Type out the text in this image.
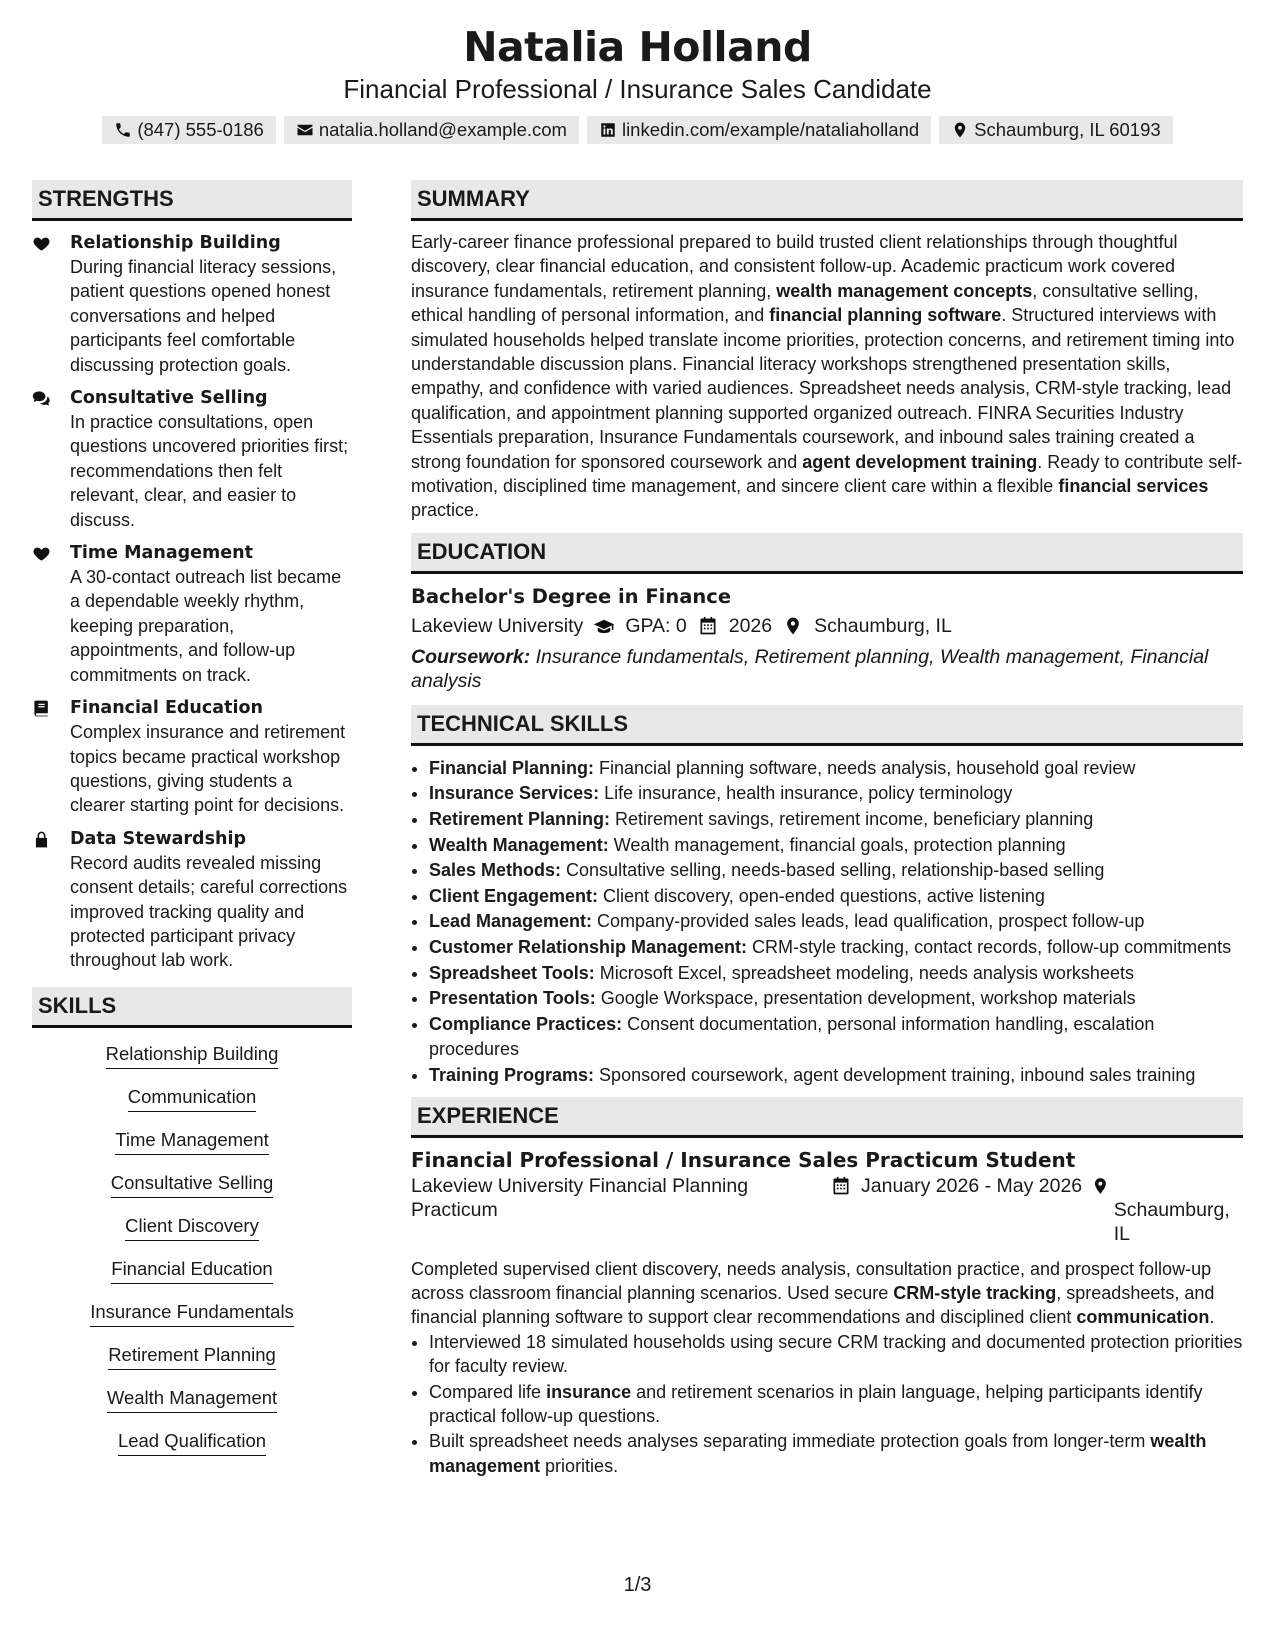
Natalia Holland
Financial Professional / Insurance Sales Candidate
(847) 555-0186	natalia.holland@example.com	linkedin.com/example/nataliaholland	Schaumburg, IL 60193
STRENGTHS
Relationship Building
During financial literacy sessions, patient questions opened honest conversations and helped participants feel comfortable discussing protection goals.
Consultative Selling
In practice consultations, open questions uncovered priorities first; recommendations then felt relevant, clear, and easier to discuss.
Time Management
A 30-contact outreach list became a dependable weekly rhythm, keeping preparation, appointments, and follow-up commitments on track.
Financial Education
Complex insurance and retirement topics became practical workshop questions, giving students a clearer starting point for decisions.
Data Stewardship
Record audits revealed missing consent details; careful corrections improved tracking quality and protected participant privacy throughout lab work.
SKILLS
Relationship Building
Communication
Time Management
Consultative Selling
Client Discovery
Financial Education
Insurance Fundamentals
Retirement Planning
Wealth Management
Lead Qualification
SUMMARY
Early-career finance professional prepared to build trusted client relationships through thoughtful discovery, clear financial education, and consistent follow-up. Academic practicum work covered insurance fundamentals, retirement planning, wealth management concepts, consultative selling, ethical handling of personal information, and financial planning software. Structured interviews with simulated households helped translate income priorities, protection concerns, and retirement timing into understandable discussion plans. Financial literacy workshops strengthened presentation skills, empathy, and confidence with varied audiences. Spreadsheet needs analysis, CRM-style tracking, lead qualification, and appointment planning supported organized outreach. FINRA Securities Industry Essentials preparation, Insurance Fundamentals coursework, and inbound sales training created a strong foundation for sponsored coursework and agent development training. Ready to contribute self-motivation, disciplined time management, and sincere client care within a flexible financial services practice.
EDUCATION
Bachelor's Degree in Finance
Lakeview University GPA: 0 2026 Schaumburg, IL
Coursework: Insurance fundamentals, Retirement planning, Wealth management, Financial analysis
TECHNICAL SKILLS
• Financial Planning: Financial planning software, needs analysis, household goal review
• Insurance Services: Life insurance, health insurance, policy terminology
• Retirement Planning: Retirement savings, retirement income, beneficiary planning
• Wealth Management: Wealth management, financial goals, protection planning
• Sales Methods: Consultative selling, needs-based selling, relationship-based selling
• Client Engagement: Client discovery, open-ended questions, active listening
• Lead Management: Company-provided sales leads, lead qualification, prospect follow-up
• Customer Relationship Management: CRM-style tracking, contact records, follow-up commitments
• Spreadsheet Tools: Microsoft Excel, spreadsheet modeling, needs analysis worksheets
• Presentation Tools: Google Workspace, presentation development, workshop materials
• Compliance Practices: Consent documentation, personal information handling, escalation procedures
• Training Programs: Sponsored coursework, agent development training, inbound sales training
EXPERIENCE
Financial Professional / Insurance Sales Practicum Student
Lakeview University Financial Planning Practicum
January 2026 - May 2026
Schaumburg, IL
Completed supervised client discovery, needs analysis, consultation practice, and prospect follow-up across classroom financial planning scenarios. Used secure CRM-style tracking, spreadsheets, and financial planning software to support clear recommendations and disciplined client communication.
• Interviewed 18 simulated households using secure CRM tracking and documented protection priorities for faculty review.
• Compared life insurance and retirement scenarios in plain language, helping participants identify practical follow-up questions.
• Built spreadsheet needs analyses separating immediate protection goals from longer-term wealth management priorities.
1/3
